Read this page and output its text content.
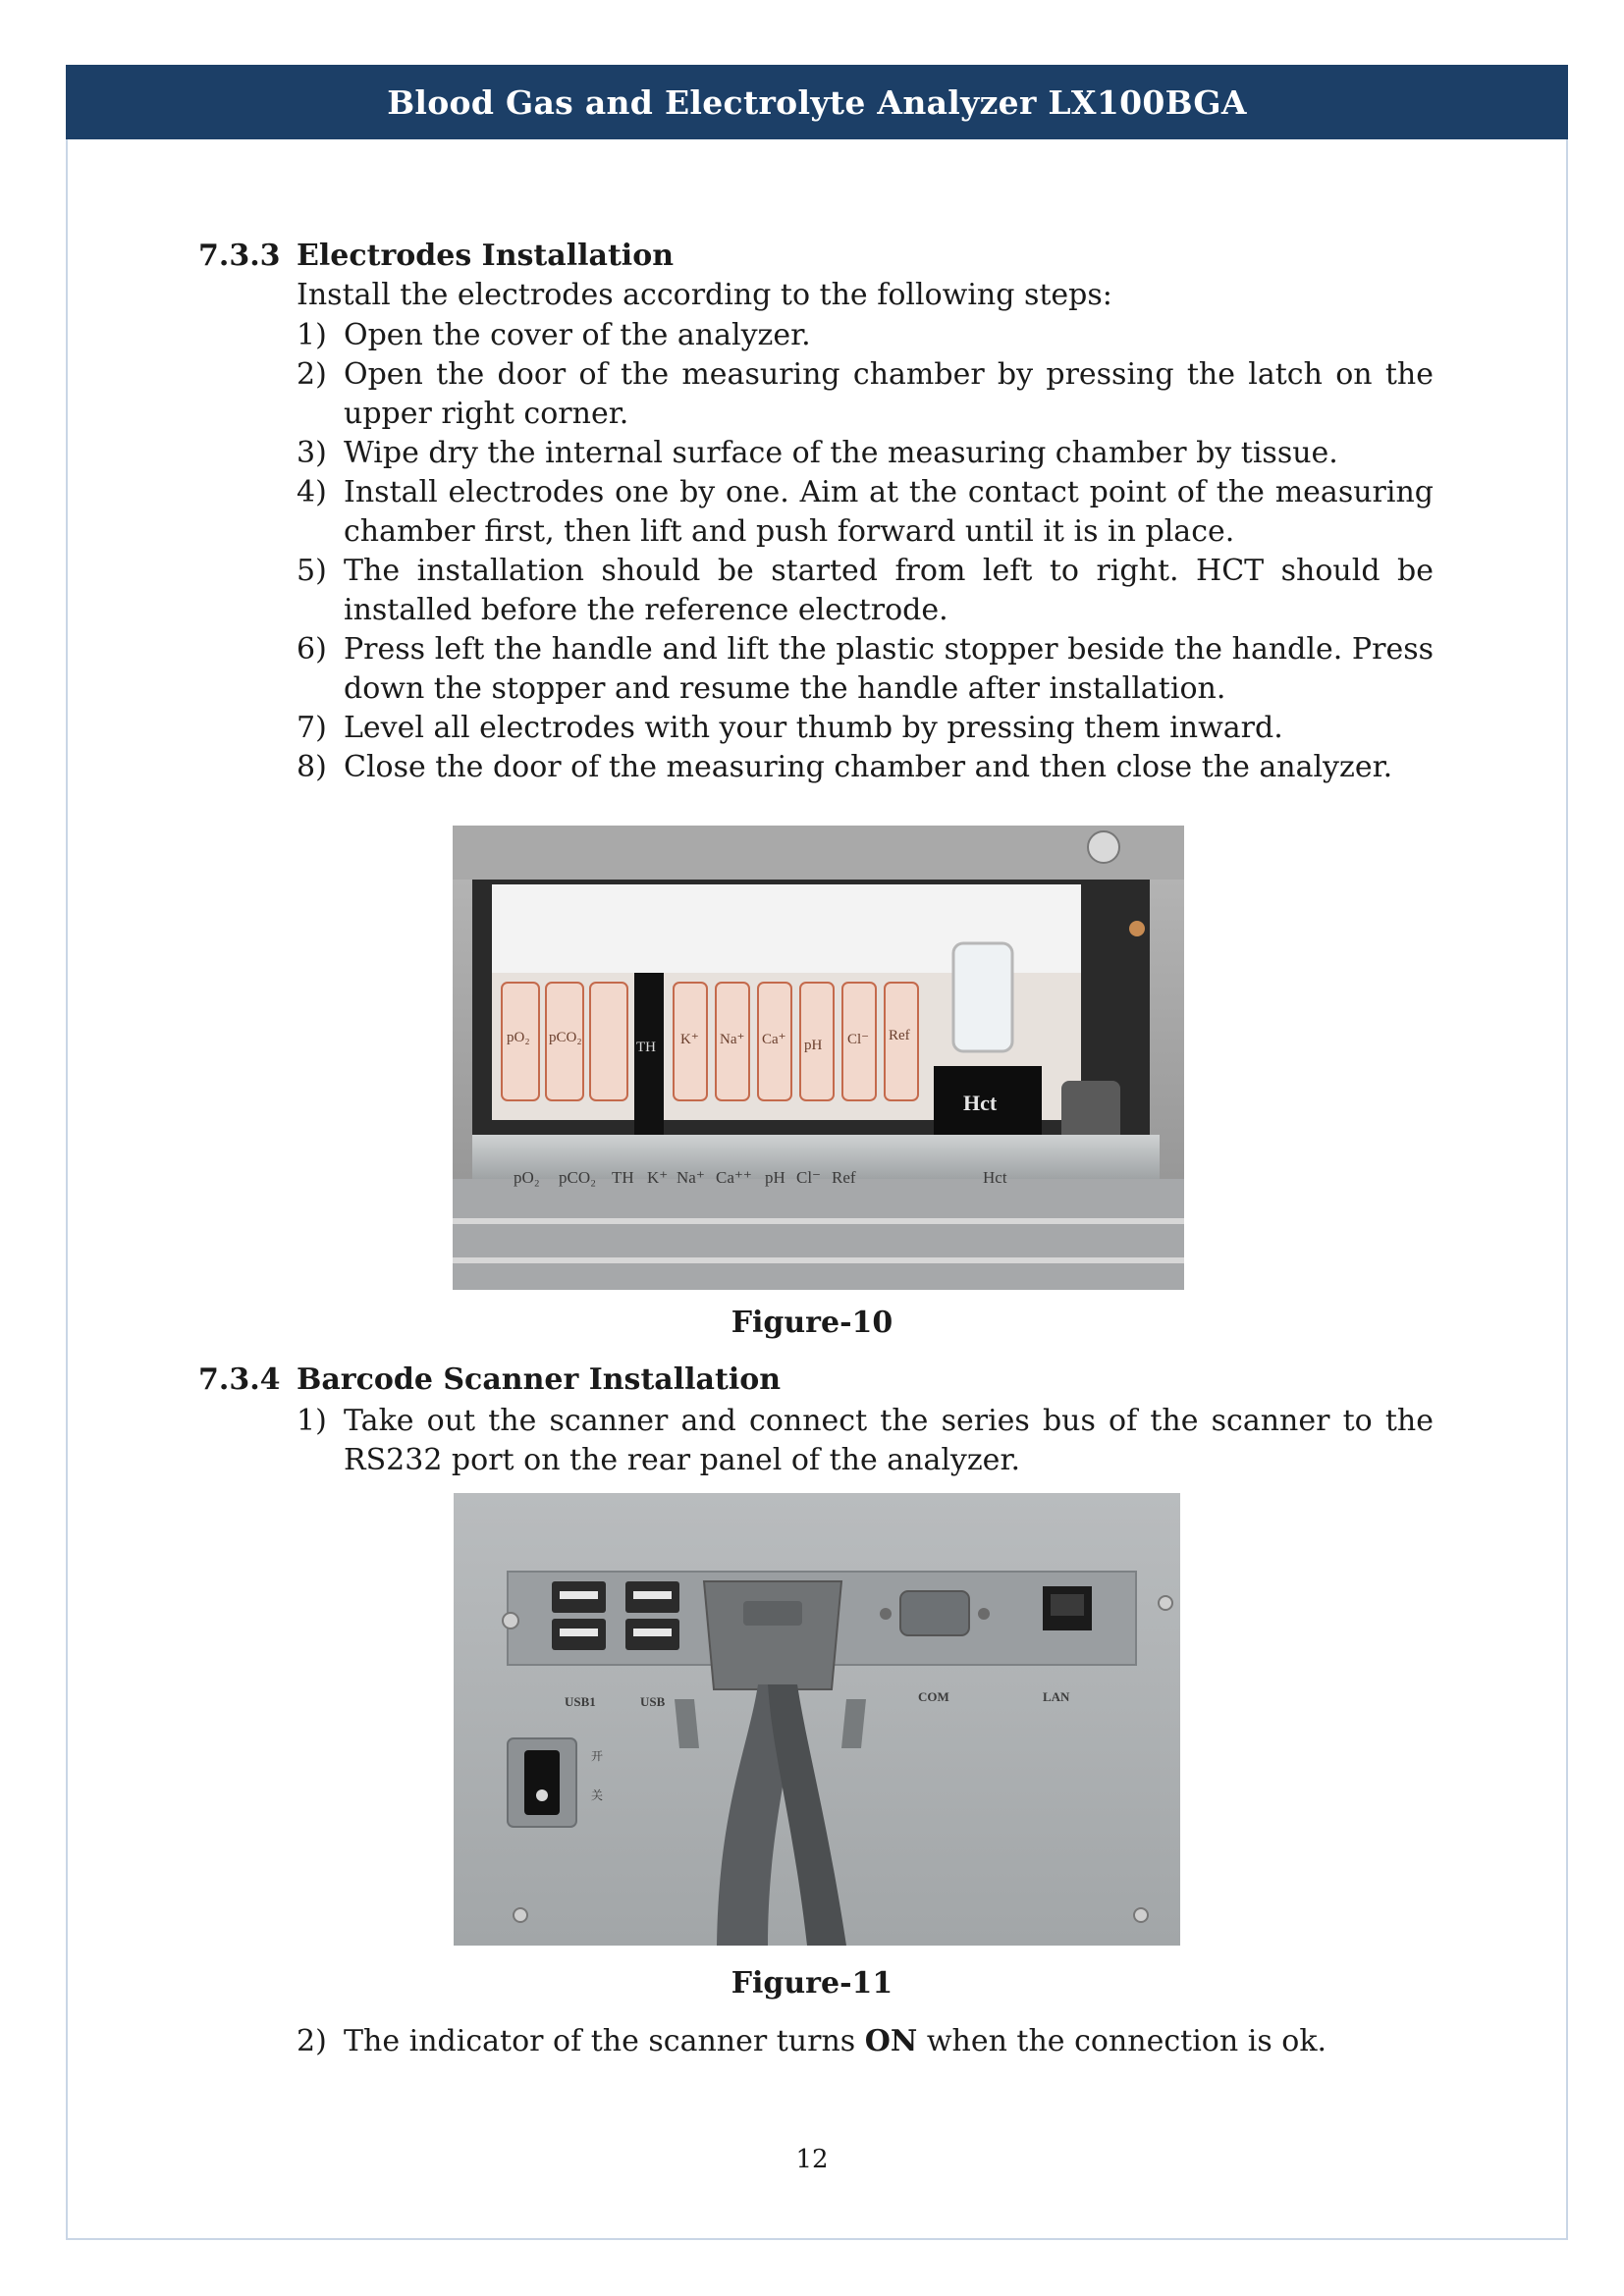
Blood Gas and Electrolyte Analyzer LX100BGA
7.3.3 Electrodes Installation
Install the electrodes according to the following steps:
1) Open the cover of the analyzer.
2) Open the door of the measuring chamber by pressing the latch on the upper right corner.
3) Wipe dry the internal surface of the measuring chamber by tissue.
4) Install electrodes one by one. Aim at the contact point of the measuring chamber first, then lift and push forward until it is in place.
5) The installation should be started from left to right. HCT should be installed before the reference electrode.
6) Press left the handle and lift the plastic stopper beside the handle. Press down the stopper and resume the handle after installation.
7) Level all electrodes with your thumb by pressing them inward.
8) Close the door of the measuring chamber and then close the analyzer.
pO₂ pCO₂
TH K⁺ Na⁺ Ca⁺ pH Cl⁻ Ref
Hct
pO₂ pCO₂ TH K⁺ Na⁺ Ca⁺⁺ pH Cl⁻ Ref	Hct
Figure-10
7.3.4 Barcode Scanner Installation
1) Take out the scanner and connect the series bus of the scanner to the RS232 port on the rear panel of the analyzer.
USB1	USB	COM	LAN
开
关
Figure-11
2) The indicator of the scanner turns ON when the connection is ok.
12
